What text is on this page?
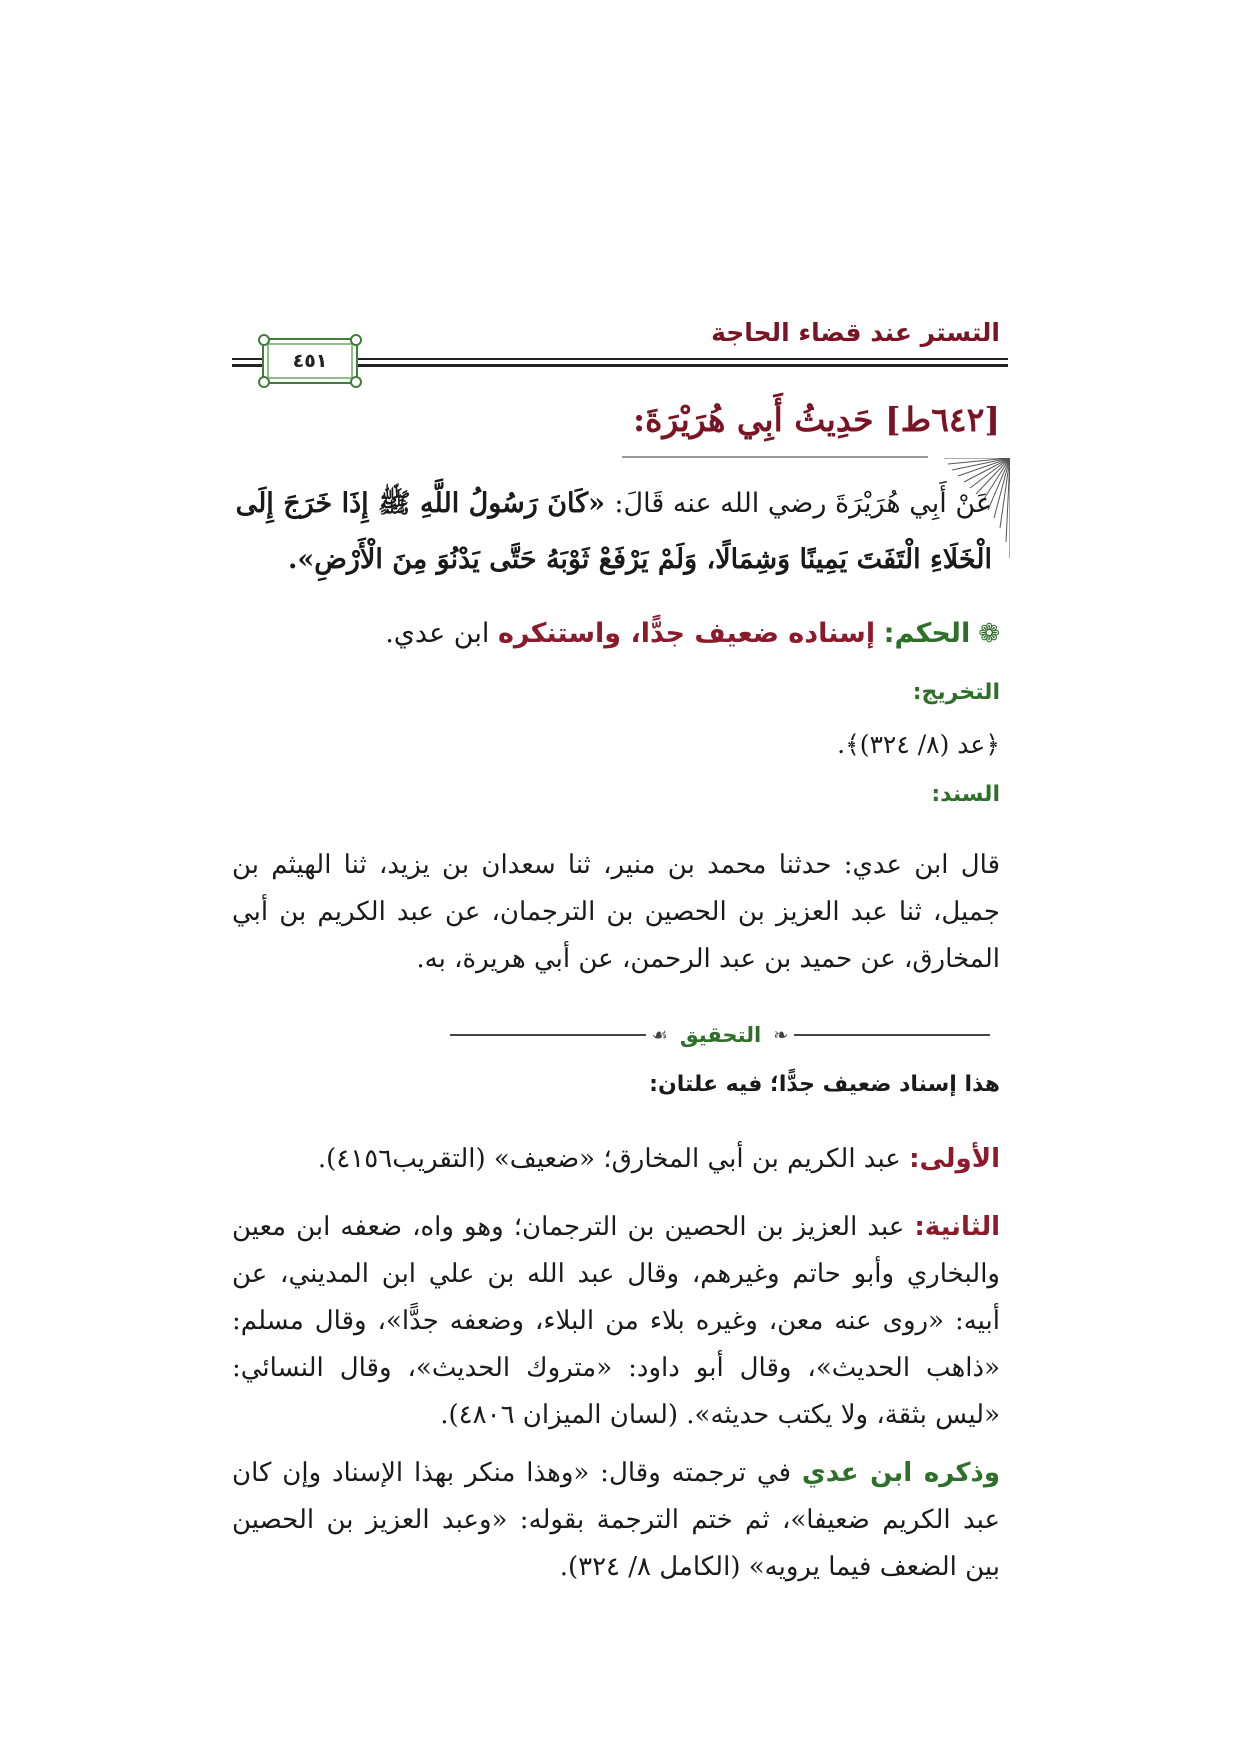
التستر عند قضاء الحاجة
٤٥١
[٦٤٢ط] حَدِيثُ أَبِي هُرَيْرَةَ:
عَنْ أَبِي هُرَيْرَةَ رضي الله عنه قَالَ: «كَانَ رَسُولُ اللَّهِ ﷺ إِذَا خَرَجَ إِلَى الْخَلَاءِ الْتَفَتَ يَمِينًا وَشِمَالًا، وَلَمْ يَرْفَعْ ثَوْبَهُ حَتَّى يَدْنُوَ مِنَ الْأَرْضِ».
❁الحكم: إسناده ضعيف جدًّا، واستنكره ابن عدي.
التخريج:
﴿عد (٨/ ٣٢٤)﴾.
السند:
قال ابن عدي: حدثنا محمد بن منير، ثنا سعدان بن يزيد، ثنا الهيثم بن جميل، ثنا عبد العزيز بن الحصين بن الترجمان، عن عبد الكريم بن أبي المخارق، عن حميد بن عبد الرحمن، عن أبي هريرة، به.
❧
التحقيق
☙
هذا إسناد ضعيف جدًّا؛ فيه علتان:
الأولى: عبد الكريم بن أبي المخارق؛ «ضعيف» (التقريب٤١٥٦).
الثانية: عبد العزيز بن الحصين بن الترجمان؛ وهو واه، ضعفه ابن معين والبخاري وأبو حاتم وغيرهم، وقال عبد الله بن علي ابن المديني، عن أبيه: «روى عنه معن، وغيره بلاء من البلاء، وضعفه جدًّا»، وقال مسلم: «ذاهب الحديث»، وقال أبو داود: «متروك الحديث»، وقال النسائي: «ليس بثقة، ولا يكتب حديثه». (لسان الميزان ٤٨٠٦).
وذكره ابن عدي في ترجمته وقال: «وهذا منكر بهذا الإسناد وإن كان عبد الكريم ضعيفا»، ثم ختم الترجمة بقوله: «وعبد العزيز بن الحصين بين الضعف فيما يرويه» (الكامل ٨/ ٣٢٤).
